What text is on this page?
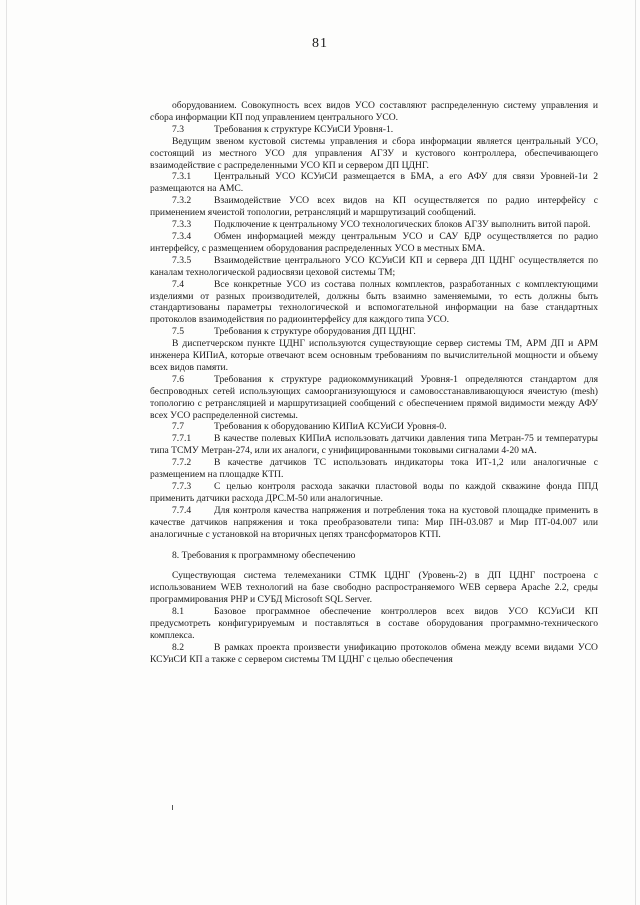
81

оборудованием. Совокупность всех видов УСО составляют распределенную систему управления и сбора информации КП под управлением центрального УСО.

7.3	Требования к структуре КСУиСИ Уровня-1.

Ведущим звеном кустовой системы управления и сбора информации является центральный УСО, состоящий из местного УСО для управления АГЗУ и кустового контроллера, обеспечивающего взаимодействие с распределенными УСО КП и сервером ДП ЦДНГ.

7.3.1 Центральный УСО КСУиСИ размещается в БМА, а его АФУ для связи Уровней-1и 2 размещаются на АМС.

7.3.2 Взаимодействие УСО всех видов на КП осуществляется по радио интерфейсу с применением ячеистой топологии, ретрансляций и маршрутизаций сообщений.

7.3.3 Подключение к центральному УСО технологических блоков АГЗУ выполнить витой парой.

7.3.4 Обмен информацией между центральным УСО и САУ БДР осуществляется по радио интерфейсу, с размещением оборудования распределенных УСО в местных БМА.

7.3.5 Взаимодействие центрального УСО КСУиСИ КП и сервера ДП ЦДНГ осуществляется по каналам технологической радиосвязи цеховой системы ТМ;

7.4	Все конкретные УСО из состава полных комплектов, разработанных с комплектующими изделиями от разных производителей, должны быть взаимно заменяемыми, то есть должны быть стандартизованы параметры технологической и вспомогательной информации на базе стандартных протоколов взаимодействия по радиоинтерфейсу для каждого типа УСО.

7.5	Требования к структуре оборудования ДП ЦДНГ.

В диспетчерском пункте ЦДНГ используются существующие сервер системы ТМ, АРМ ДП и АРМ инженера КИПиА, которые отвечают всем основным требованиям по вычислительной мощности и объему всех видов памяти.

7.6	Требования к структуре радиокоммуникаций Уровня-1 определяются стандартом для беспроводных сетей использующих самоорганизующуюся и самовосстанавливающуюся ячеистую (mesh) топологию с ретрансляцией и маршрутизацией сообщений с обеспечением прямой видимости между АФУ всех УСО распределенной системы.

7.7	Требования к оборудованию КИПиА КСУиСИ Уровня-0.

7.7.1 В качестве полевых КИПиА использовать датчики давления типа Метран-75 и температуры типа ТСМУ Метран-274, или их аналоги, с унифицированными токовыми сигналами 4-20 мА.

7.7.2 В качестве датчиков ТС использовать индикаторы тока ИТ-1,2 или аналогичные с размещением на площадке КТП.

7.7.3 С целью контроля расхода закачки пластовой воды по каждой скважине фонда ППД применить датчики расхода ДРС.М-50 или аналогичные.

7.7.4 Для контроля качества напряжения и потребления тока на кустовой площадке применить в качестве датчиков напряжения и тока преобразователи типа: Мир ПН-03.087 и Мир ПТ-04.007 или аналогичные с установкой на вторичных цепях трансформаторов КТП.

8. Требования к программному обеспечению

Существующая система телемеханики СТМК ЦДНГ (Уровень-2) в ДП ЦДНГ построена с использованием WEB технологий на базе свободно распространяемого WEB сервера Apache 2.2, среды программирования PHP и СУБД Microsoft SQL Server.

8.1	Базовое программное обеспечение контроллеров всех видов УСО КСУиСИ КП предусмотреть конфигурируемым и поставляться в составе оборудования программно-технического комплекса.

8.2	В рамках проекта произвести унификацию протоколов обмена между всеми видами УСО КСУиСИ КП а также с сервером системы ТМ ЦДНГ с целью обеспечения
